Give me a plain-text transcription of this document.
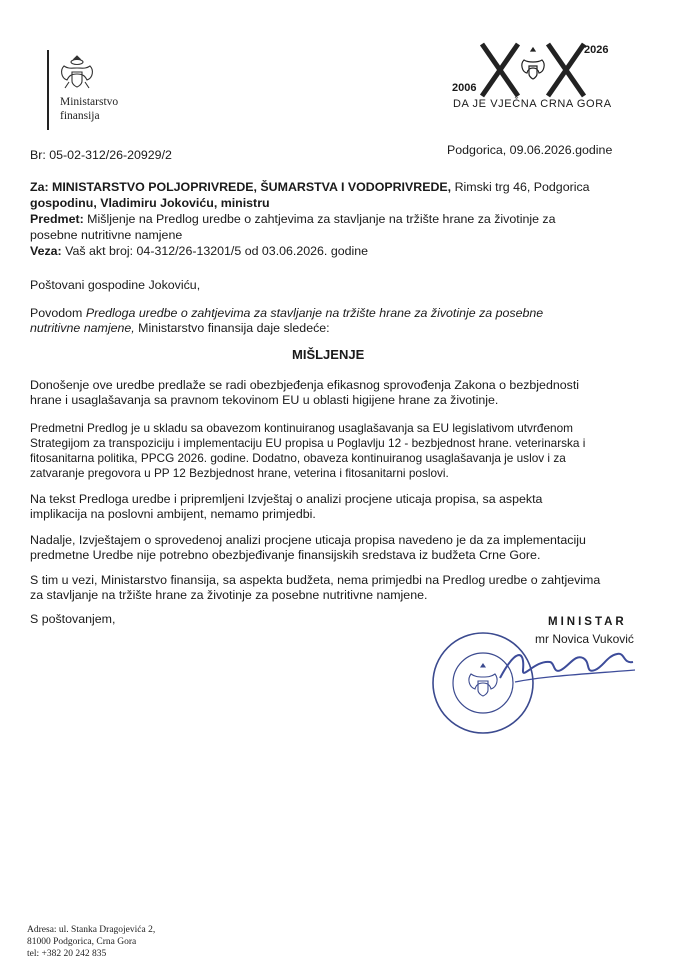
Ministarstvo
finansija
2026
2006
DA JE VJEČNA CRNA GORA
Br: 05-02-312/26-20929/2	Podgorica, 09.06.2026.godine
Za: MINISTARSTVO POLJOPRIVREDE, ŠUMARSTVA I VODOPRIVREDE, Rimski trg 46, Podgorica
gospodinu, Vladimiru Jokoviću, ministru
Predmet: Mišljenje na Predlog uredbe o zahtjevima za stavljanje na tržište hrane za životinje za
posebne nutritivne namjene
Veza: Vaš akt broj: 04-312/26-13201/5 od 03.06.2026. godine
Poštovani gospodine Jokoviću,
Povodom Predloga uredbe o zahtjevima za stavljanje na tržište hrane za životinje za posebne
nutritivne namjene, Ministarstvo finansija daje sledeće:
MIŠLJENJE
Donošenje ove uredbe predlaže se radi obezbjeđenja efikasnog sprovođenja Zakona o bezbjednosti
hrane i usaglašavanja sa pravnom tekovinom EU u oblasti higijene hrane za životinje.
Predmetni Predlog je u skladu sa obavezom kontinuiranog usaglašavanja sa EU legislativom utvrđenom
Strategijom za transpoziciju i implementaciju EU propisa u Poglavlju 12 - bezbjednost hrane. veterinarska i
fitosanitarna politika, PPCG 2026. godine. Dodatno, obaveza kontinuiranog usaglašavanja je uslov i za
zatvaranje pregovora u PP 12 Bezbjednost hrane, veterina i fitosanitarni poslovi.
Na tekst Predloga uredbe i pripremljeni Izvještaj o analizi procjene uticaja propisa, sa aspekta
implikacija na poslovni ambijent, nemamo primjedbi.
Nadalje, Izvještajem o sprovedenoj analizi procjene uticaja propisa navedeno je da za implementaciju
predmetne Uredbe nije potrebno obezbjeđivanje finansijskih sredstava iz budžeta Crne Gore.
S tim u vezi, Ministarstvo finansija, sa aspekta budžeta, nema primjedbi na Predlog uredbe o zahtjevima
za stavljanje na tržište hrane za životinje za posebne nutritivne namjene.
S poštovanjem,	MINISTAR
mr Novica Vuković
Adresa: ul. Stanka Dragojevića 2,
81000 Podgorica, Crna Gora
tel: +382 20 242 835
